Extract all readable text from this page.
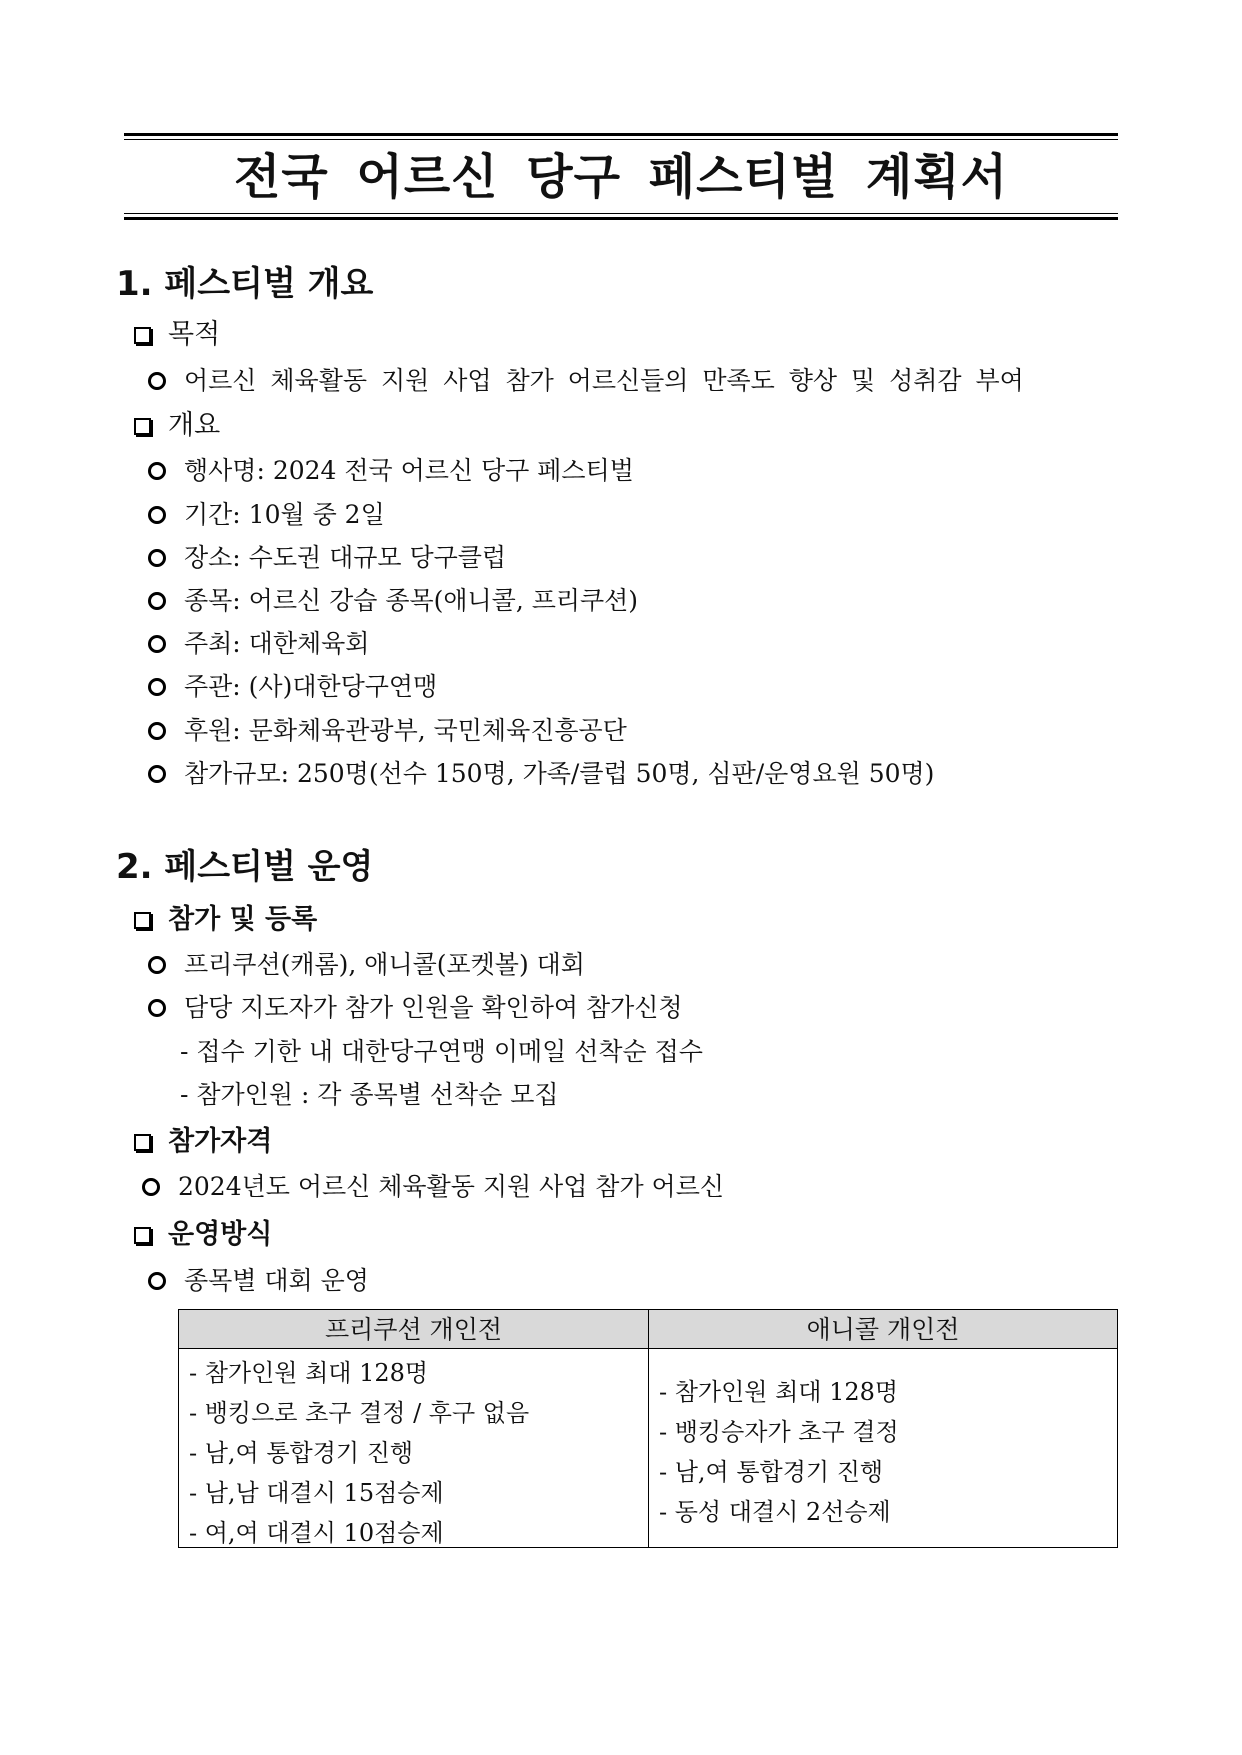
전국 어르신 당구 페스티벌 계획서
1. 페스티벌 개요
목적
어르신 체육활동 지원 사업 참가 어르신들의 만족도 향상 및 성취감 부여
개요
행사명: 2024 전국 어르신 당구 페스티벌
기간: 10월 중 2일
장소: 수도권 대규모 당구클럽
종목: 어르신 강습 종목(애니콜, 프리쿠션)
주최: 대한체육회
주관: (사)대한당구연맹
후원: 문화체육관광부, 국민체육진흥공단
참가규모: 250명(선수 150명, 가족/클럽 50명, 심판/운영요원 50명)
2. 페스티벌 운영
참가 및 등록
프리쿠션(캐롬), 애니콜(포켓볼) 대회
담당 지도자가 참가 인원을 확인하여 참가신청
- 접수 기한 내 대한당구연맹 이메일 선착순 접수
- 참가인원 : 각 종목별 선착순 모집
참가자격
2024년도 어르신 체육활동 지원 사업 참가 어르신
운영방식
종목별 대회 운영
프리쿠션 개인전	애니콜 개인전
- 참가인원 최대 128명
- 뱅킹으로 초구 결정 / 후구 없음
- 남,여 통합경기 진행
- 남,남 대결시 15점승제
- 여,여 대결시 10점승제
- 참가인원 최대 128명
- 뱅킹승자가 초구 결정
- 남,여 통합경기 진행
- 동성 대결시 2선승제
